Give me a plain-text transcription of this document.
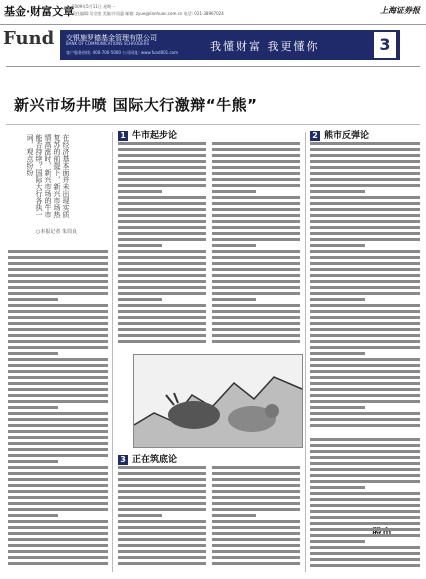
基金·财富文章
2009年5月11日 星期一
责任编辑:吴宗凯 美编:许再惠 邮箱: zyue@lianhuan.com.cn 电话: 021-38967024	上海证券报
Fund 交银施罗德基金管理有限公司
BANK OF COMMUNICATIONS SCHRODERS
客户服务热线: 400-700-5000 公司网址: www.fund001.com	我懂财富 我更懂你	3
新兴市场井喷 国际大行激辩“牛熊”
在经济基本面并未出现实质复苏的前提下，新兴市场热情高涨时，新兴市场的牛市能否持续？国际大行各执一词，观点纷纷
○本报记者 朱周良
1 牛市起步论	2 熊市反弹论
3 正在筑底论
